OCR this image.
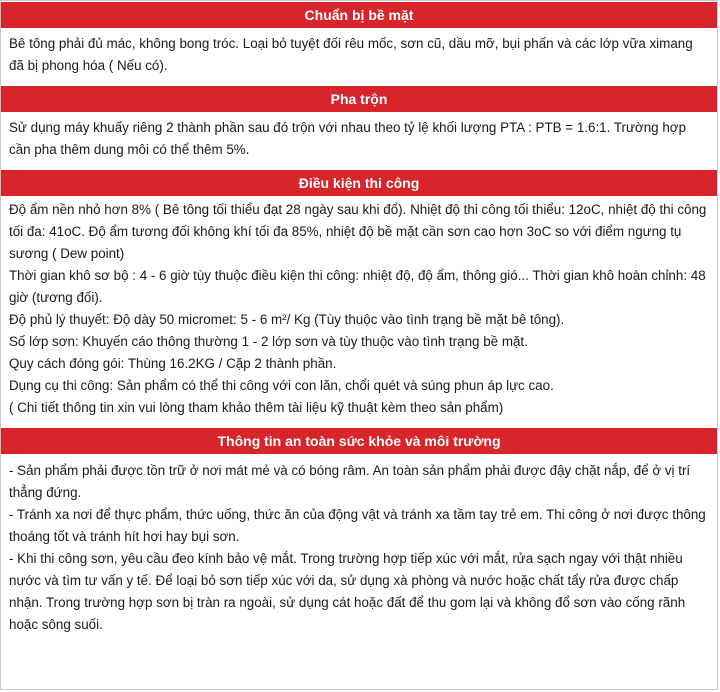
Chuẩn bị bề mặt

Bê tông phải đủ mác, không bong tróc. Loại bỏ tuyệt đối rêu mốc, sơn cũ, dầu mỡ, bụi phấn và các lớp vữa ximang đã bị phong hóa ( Nếu có).

Pha trộn

Sử dụng máy khuấy riêng 2 thành phần sau đó trộn với nhau theo tỷ lệ khối lượng PTA : PTB = 1.6:1. Trường hợp cần pha thêm dung môi có thể thêm 5%.

Điều kiện thi công

Độ ẩm nền nhỏ hơn 8% ( Bê tông tối thiểu đạt 28 ngày sau khi đổ). Nhiệt độ thi công tối thiểu: 12oC, nhiệt độ thi công tối đa: 41oC. Độ ẩm tương đối không khí tối đa 85%, nhiệt độ bề mặt cần sơn cao hơn 3oC so với điểm ngưng tụ sương ( Dew point)

Thời gian khô sơ bộ : 4 - 6 giờ tùy thuộc điều kiện thi công: nhiệt độ, độ ẩm, thông gió... Thời gian khô hoàn chỉnh: 48 giờ (tương đối).

Độ phủ lý thuyết: Độ dày 50 micromet: 5 - 6 m²/ Kg (Tùy thuộc vào tình trạng bề mặt bê tông).

Số lớp sơn: Khuyến cáo thông thường 1 - 2 lớp sơn và tùy thuộc vào tình trạng bề mặt.

Quy cách đóng gói: Thùng 16.2KG / Cặp 2 thành phần.

Dụng cụ thi công: Sản phẩm có thể thi công với con lăn, chổi quét và súng phun áp lực cao.

( Chi tiết thông tin xin vui lòng tham khảo thêm tài liệu kỹ thuật kèm theo sản phẩm)

Thông tin an toàn sức khỏe và môi trường

- Sản phẩm phải được tồn trữ ở nơi mát mẻ và có bóng râm. An toàn sản phẩm phải được đậy chặt nắp, để ở vị trí thẳng đứng.

- Tránh xa nơi để thực phẩm, thức uống, thức ăn của động vật và tránh xa tầm tay trẻ em. Thi công ở nơi được thông thoáng tốt và tránh hít hơi hay bụi sơn.

- Khi thi công sơn, yêu cầu đeo kính bảo vệ mắt. Trong trường hợp tiếp xúc với mắt, rửa sạch ngay với thật nhiều nước và tìm tư vấn y tế. Để loại bỏ sơn tiếp xúc với da, sử dụng xà phòng và nước hoặc chất tẩy rửa được chấp nhận. Trong trường hợp sơn bị tràn ra ngoài, sử dụng cát hoặc đất để thu gom lại và không đổ sơn vào cống rãnh hoặc sông suối.
